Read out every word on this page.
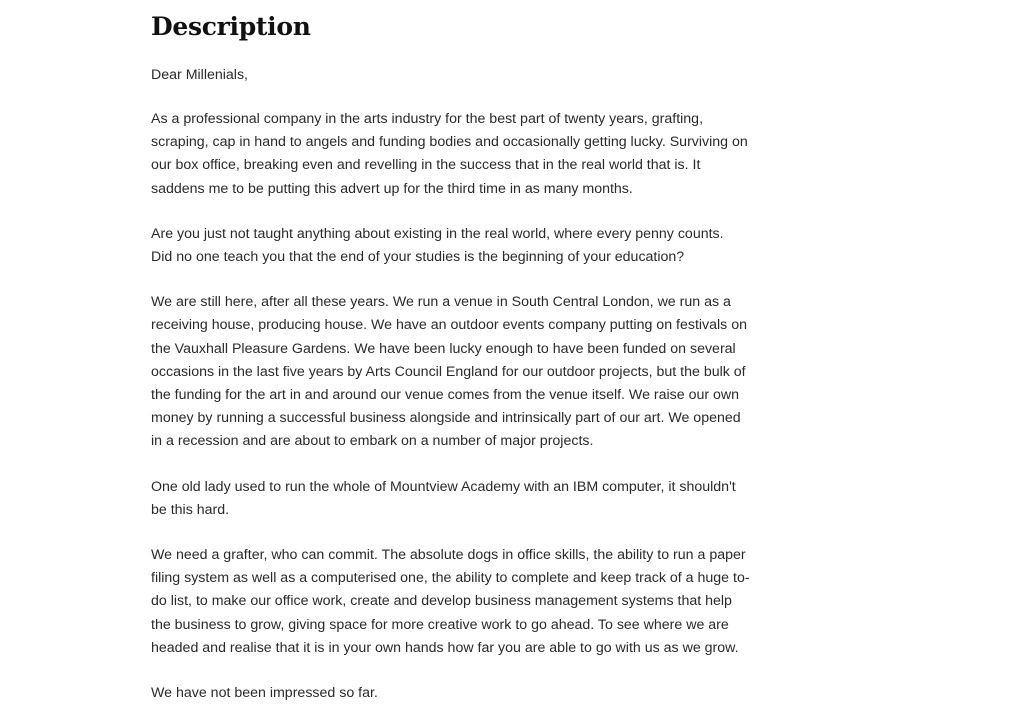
Description

Dear Millenials,

As a professional company in the arts industry for the best part of twenty years, grafting,
scraping, cap in hand to angels and funding bodies and occasionally getting lucky. Surviving on
our box office, breaking even and revelling in the success that in the real world that is. It
saddens me to be putting this advert up for the third time in as many months.

Are you just not taught anything about existing in the real world, where every penny counts.
Did no one teach you that the end of your studies is the beginning of your education?

We are still here, after all these years. We run a venue in South Central London, we run as a
receiving house, producing house. We have an outdoor events company putting on festivals on
the Vauxhall Pleasure Gardens. We have been lucky enough to have been funded on several
occasions in the last five years by Arts Council England for our outdoor projects, but the bulk of
the funding for the art in and around our venue comes from the venue itself. We raise our own
money by running a successful business alongside and intrinsically part of our art. We opened
in a recession and are about to embark on a number of major projects.

One old lady used to run the whole of Mountview Academy with an IBM computer, it shouldn't
be this hard.

We need a grafter, who can commit. The absolute dogs in office skills, the ability to run a paper
filing system as well as a computerised one, the ability to complete and keep track of a huge to-
do list, to make our office work, create and develop business management systems that help
the business to grow, giving space for more creative work to go ahead. To see where we are
headed and realise that it is in your own hands how far you are able to go with us as we grow.

We have not been impressed so far.
